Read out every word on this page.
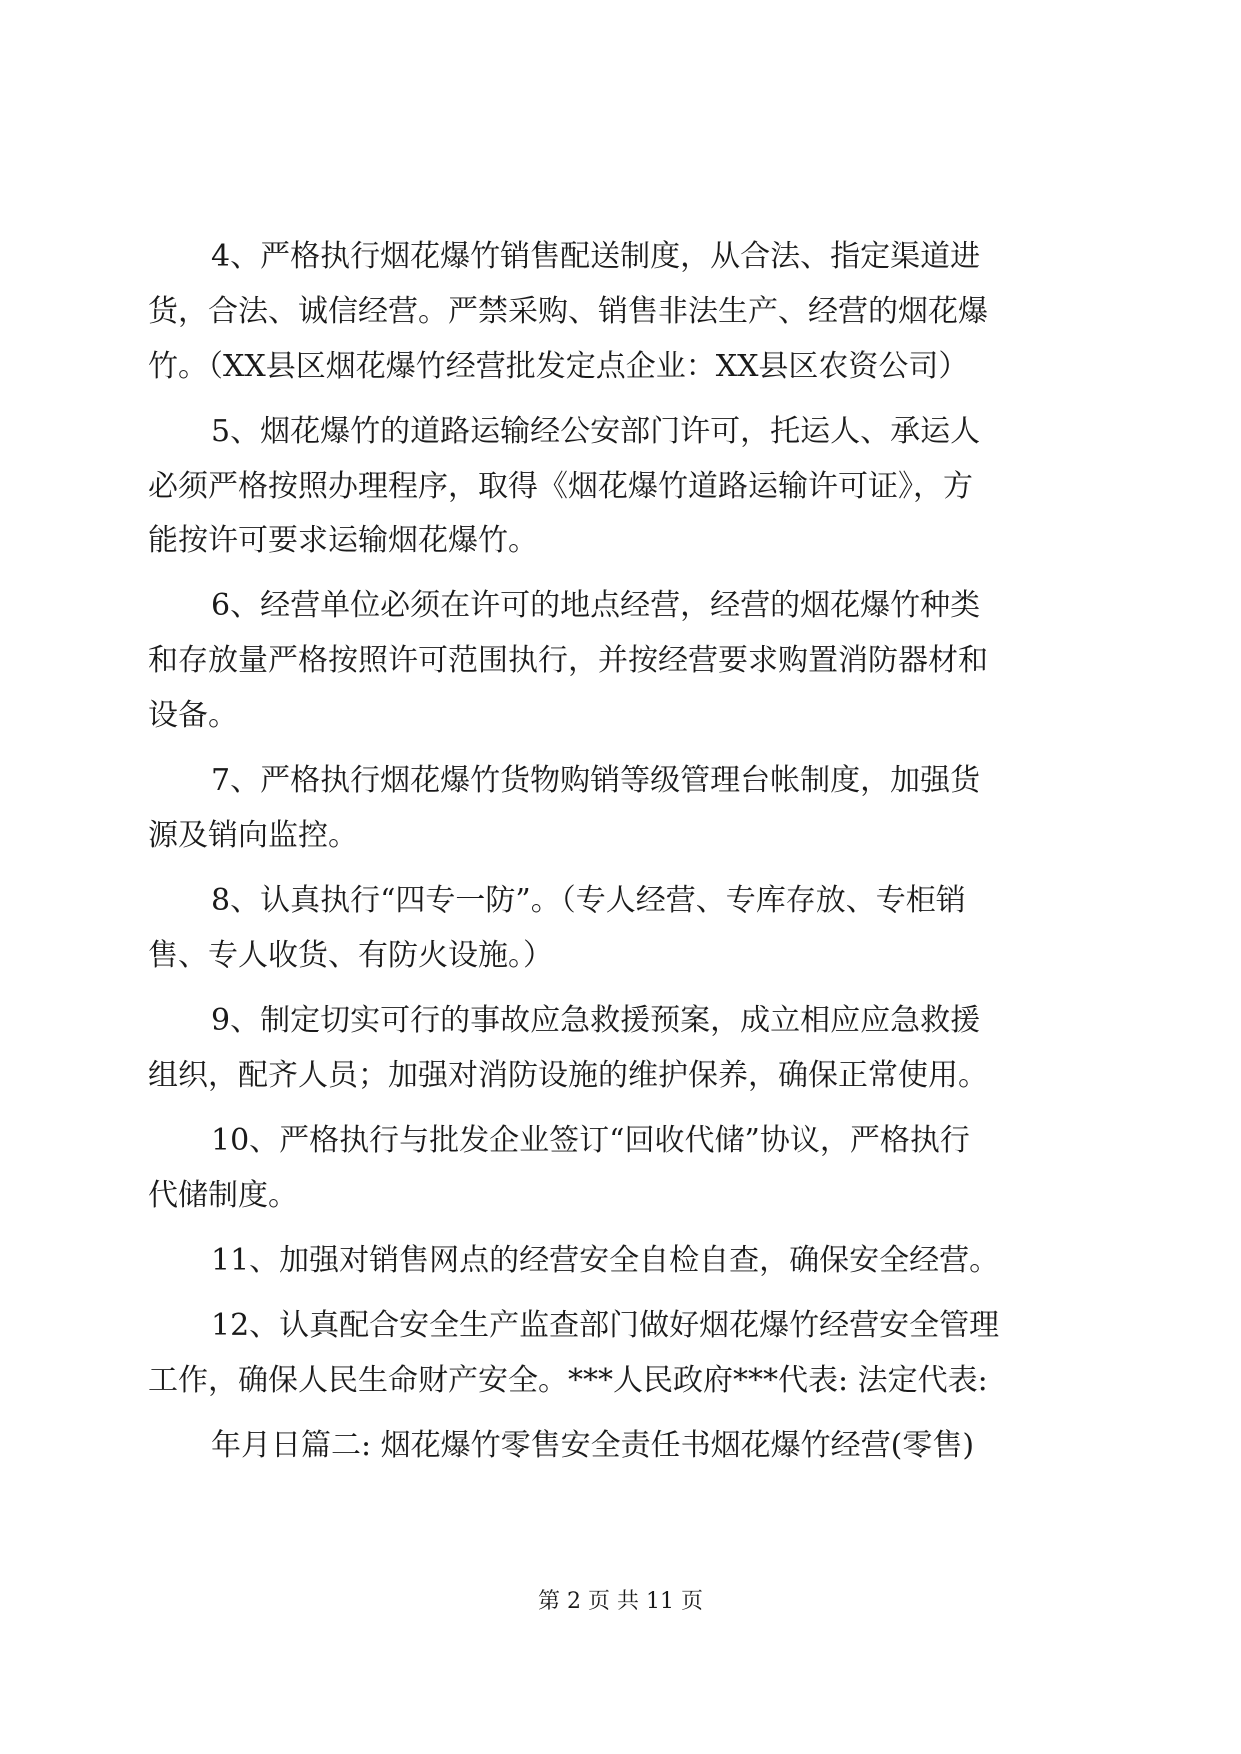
4、严格执行烟花爆竹销售配送制度，从合法、指定渠道进
货，合法、诚信经营。严禁采购、销售非法生产、经营的烟花爆
竹。（XX县区烟花爆竹经营批发定点企业：XX县区农资公司）
5、烟花爆竹的道路运输经公安部门许可，托运人、承运人
必须严格按照办理程序，取得《烟花爆竹道路运输许可证》，方
能按许可要求运输烟花爆竹。
6、经营单位必须在许可的地点经营，经营的烟花爆竹种类
和存放量严格按照许可范围执行，并按经营要求购置消防器材和
设备。
7、严格执行烟花爆竹货物购销等级管理台帐制度，加强货
源及销向监控。
8、认真执行“四专一防”。（专人经营、专库存放、专柜销
售、专人收货、有防火设施。）
9、制定切实可行的事故应急救援预案，成立相应应急救援
组织，配齐人员；加强对消防设施的维护保养，确保正常使用。
10、严格执行与批发企业签订“回收代储”协议，严格执行
代储制度。
11、加强对销售网点的经营安全自检自查，确保安全经营。
12、认真配合安全生产监查部门做好烟花爆竹经营安全管理
工作，确保人民生命财产安全。***人民政府***代表: 法定代表:
年月日篇二: 烟花爆竹零售安全责任书烟花爆竹经营(零售)
第 2 页 共 11 页
